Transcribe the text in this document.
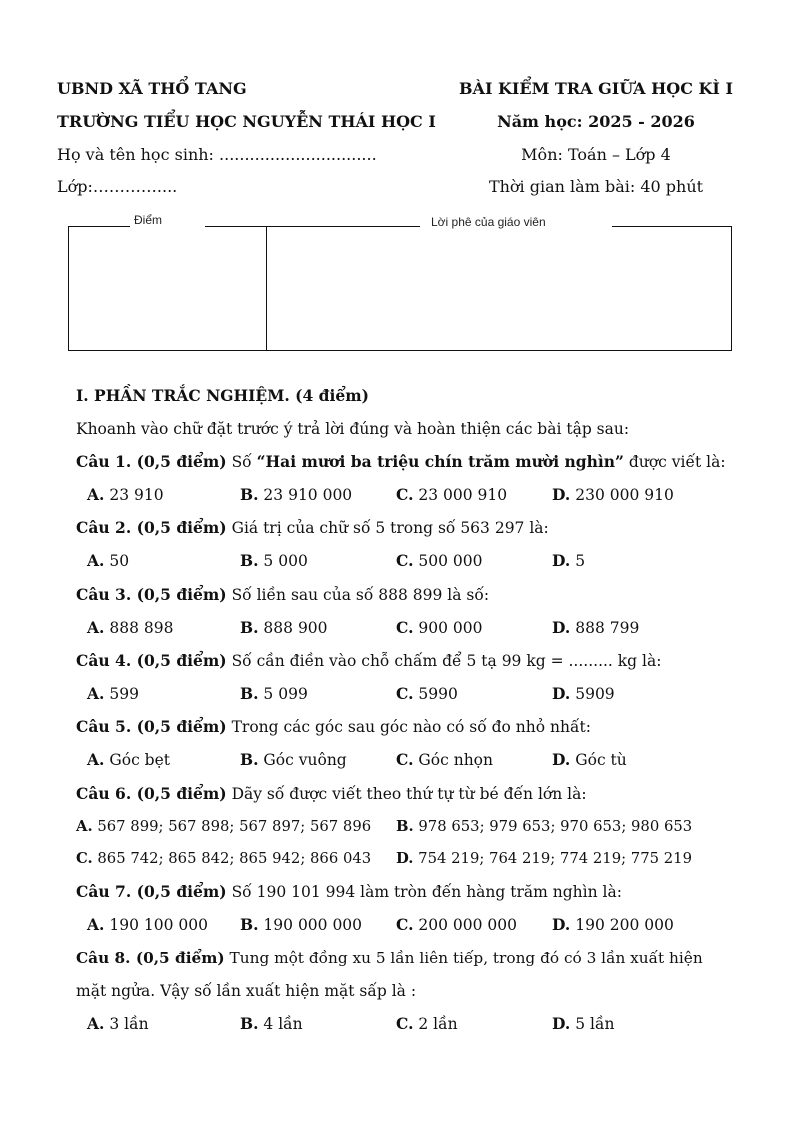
UBND XÃ THỔ TANG
TRƯỜNG TIỂU HỌC NGUYỄN THÁI HỌC I
Họ và tên học sinh: ...............................
Lớp:…………....
BÀI KIỂM TRA GIỮA HỌC KÌ I
Năm học: 2025 - 2026
Môn: Toán – Lớp 4
Thời gian làm bài: 40 phút
Điểm	Lời phê của giáo viên
I. PHẦN TRẮC NGHIỆM. (4 điểm)
Khoanh vào chữ đặt trước ý trả lời đúng và hoàn thiện các bài tập sau:
Câu 1. (0,5 điểm) Số “Hai mươi ba triệu chín trăm mười nghìn” được viết là:
A. 23 910	B. 23 910 000	C. 23 000 910	D. 230 000 910
Câu 2. (0,5 điểm) Giá trị của chữ số 5 trong số 563 297 là:
A. 50	B. 5 000	C. 500 000	D. 5
Câu 3. (0,5 điểm) Số liền sau của số 888 899 là số:
A. 888 898	B. 888 900	C. 900 000	D. 888 799
Câu 4. (0,5 điểm) Số cần điền vào chỗ chấm để 5 tạ 99 kg = ......... kg là:
A. 599	B. 5 099	C. 5990	D. 5909
Câu 5. (0,5 điểm) Trong các góc sau góc nào có số đo nhỏ nhất:
A. Góc bẹt	B. Góc vuông	C. Góc nhọn	D. Góc tù
Câu 6. (0,5 điểm) Dãy số được viết theo thứ tự từ bé đến lớn là:
A. 567 899; 567 898; 567 897; 567 896 B. 978 653; 979 653; 970 653; 980 653
C. 865 742; 865 842; 865 942; 866 043 D. 754 219; 764 219; 774 219; 775 219
Câu 7. (0,5 điểm) Số 190 101 994 làm tròn đến hàng trăm nghìn là:
A. 190 100 000 B. 190 000 000 C. 200 000 000 D. 190 200 000
Câu 8. (0,5 điểm) Tung một đồng xu 5 lần liên tiếp, trong đó có 3 lần xuất hiện
mặt ngửa. Vậy số lần xuất hiện mặt sấp là :
A. 3 lần	B. 4 lần	C. 2 lần	D. 5 lần
